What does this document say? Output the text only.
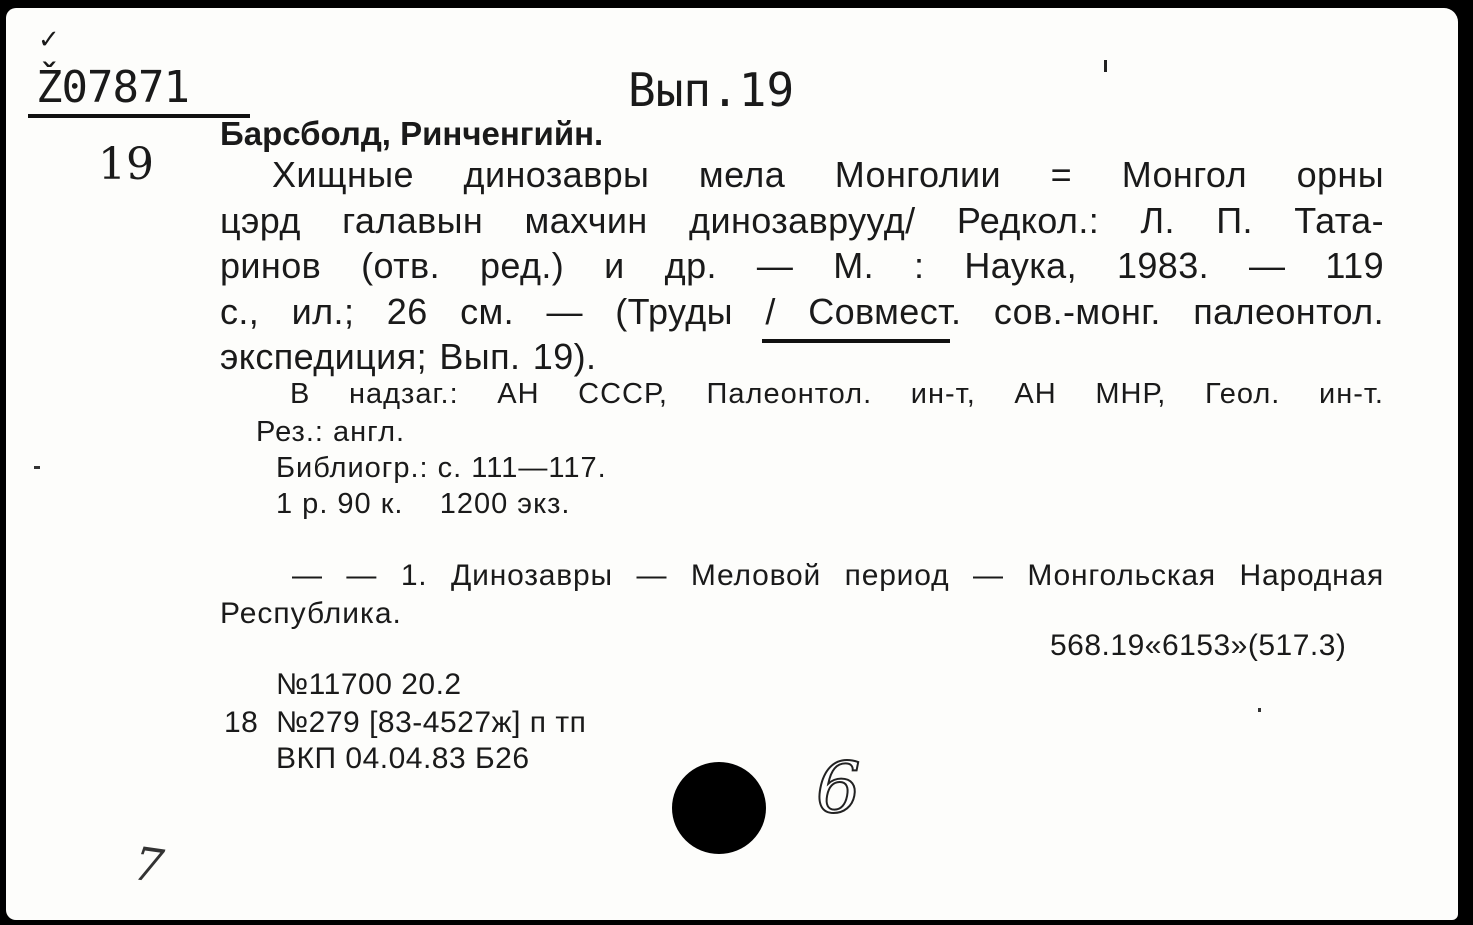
✓
Ž07871	Вып.19
19
Барсболд, Ринченгийн.
Хищные динозавры мела Монголии = Монгол орны
цэрд галавын махчин динозаврууд/ Редкол.: Л. П. Тата-
ринов (отв. ред.) и др. — М. : Наука, 1983. — 119
с., ил.; 26 см. — (Труды / Совмест. сов.-монг. палеонтол.
экспедиция; Вып. 19).
В надзаг.: АН СССР, Палеонтол. ин-т, АН МНР, Геол. ин-т.
Рез.: англ.
Библиогр.: с. 111—117.
1 р. 90 к.    1200 экз.
— — 1. Динозавры — Меловой период — Монгольская Народная
Республика.
568.19«6153»(517.3)
№11700 20.2
18 №279 [83-4527ж] п тп
ВКП 04.04.83 Б26	6
7
